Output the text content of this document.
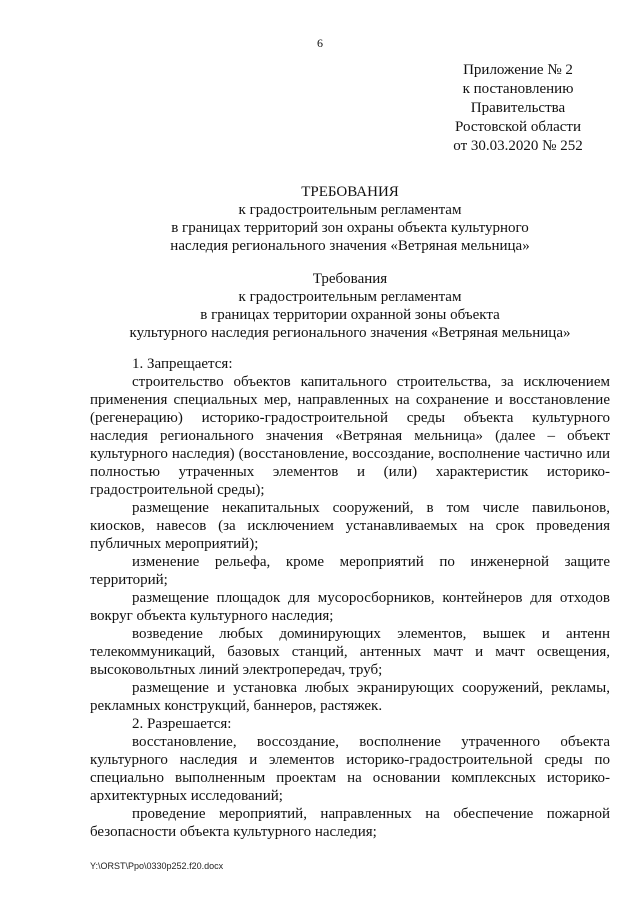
6
Приложение № 2
к постановлению
Правительства
Ростовской области
от 30.03.2020 № 252
ТРЕБОВАНИЯ
к градостроительным регламентам
в границах территорий зон охраны объекта культурного
наследия регионального значения «Ветряная мельница»
Требования
к градостроительным регламентам
в границах территории охранной зоны объекта
культурного наследия регионального значения «Ветряная мельница»

1. Запрещается:

строительство объектов капитального строительства, за исключением применения специальных мер, направленных на сохранение и восстановление (регенерацию) историко-градостроительной среды объекта культурного наследия регионального значения «Ветряная мельница» (далее – объект культурного наследия) (восстановление, воссоздание, восполнение частично или полностью утраченных элементов и (или) характеристик историко-градостроительной среды);

размещение некапитальных сооружений, в том числе павильонов, киосков, навесов (за исключением устанавливаемых на срок проведения публичных мероприятий);

изменение рельефа, кроме мероприятий по инженерной защите территорий;

размещение площадок для мусоросборников, контейнеров для отходов вокруг объекта культурного наследия;

возведение любых доминирующих элементов, вышек и антенн телекоммуникаций, базовых станций, антенных мачт и мачт освещения, высоковольтных линий электропередач, труб;

размещение и установка любых экранирующих сооружений, рекламы, рекламных конструкций, баннеров, растяжек.

2. Разрешается:

восстановление, воссоздание, восполнение утраченного объекта культурного наследия и элементов историко-градостроительной среды по специально выполненным проектам на основании комплексных историко-архитектурных исследований;

проведение мероприятий, направленных на обеспечение пожарной безопасности объекта культурного наследия;

Y:\ORST\Ppo\0330p252.f20.docx
